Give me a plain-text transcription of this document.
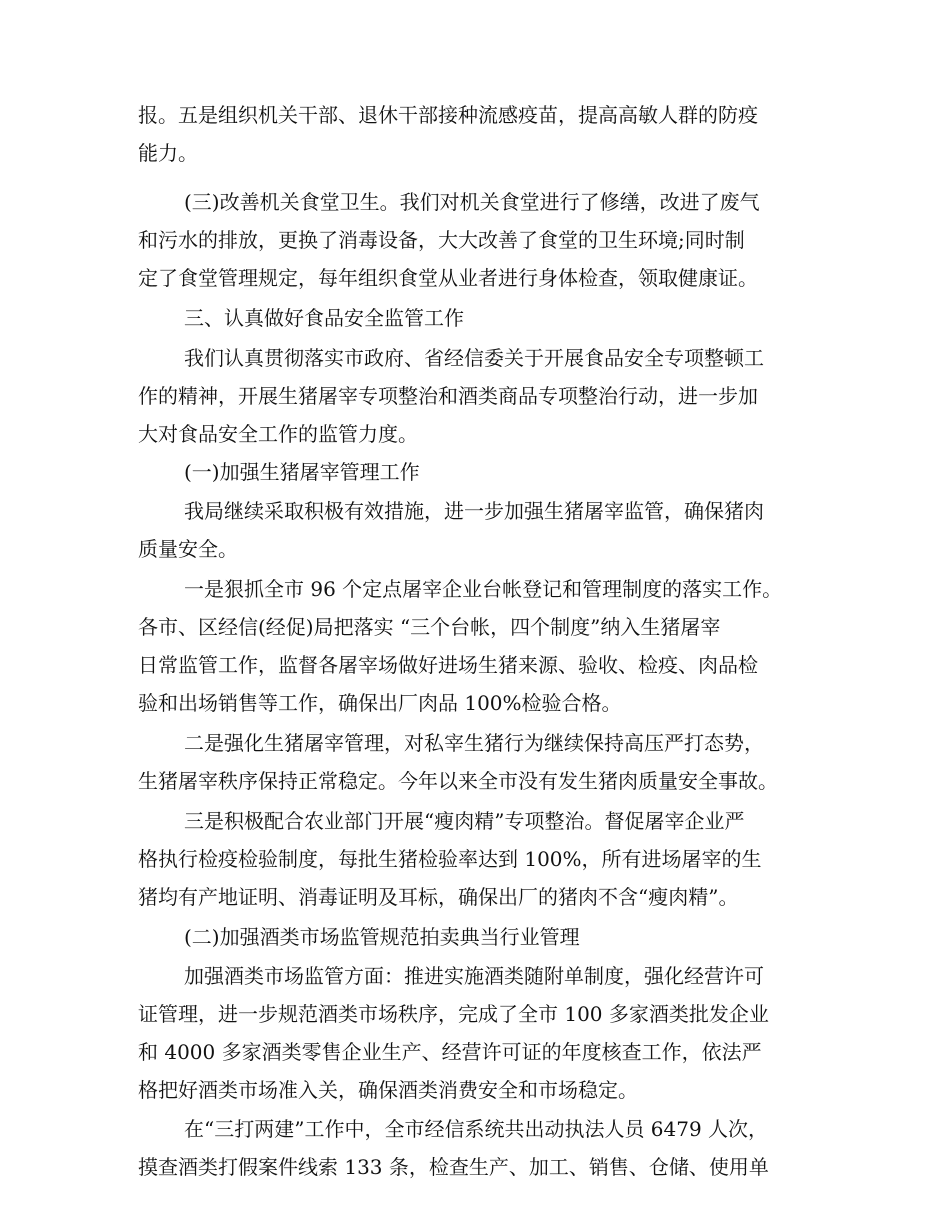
报。五是组织机关干部、退休干部接种流感疫苗，提高高敏人群的防疫
能力。
(三)改善机关食堂卫生。我们对机关食堂进行了修缮，改进了废气
和污水的排放，更换了消毒设备，大大改善了食堂的卫生环境;同时制
定了食堂管理规定，每年组织食堂从业者进行身体检查，领取健康证。
三、认真做好食品安全监管工作
我们认真贯彻落实市政府、省经信委关于开展食品安全专项整顿工
作的精神，开展生猪屠宰专项整治和酒类商品专项整治行动，进一步加
大对食品安全工作的监管力度。
(一)加强生猪屠宰管理工作
我局继续采取积极有效措施，进一步加强生猪屠宰监管，确保猪肉
质量安全。
一是狠抓全市 96 个定点屠宰企业台帐登记和管理制度的落实工作。
各市、区经信(经促)局把落实 “三个台帐，四个制度”纳入生猪屠宰
日常监管工作，监督各屠宰场做好进场生猪来源、验收、检疫、肉品检
验和出场销售等工作，确保出厂肉品 100%检验合格。
二是强化生猪屠宰管理，对私宰生猪行为继续保持高压严打态势，
生猪屠宰秩序保持正常稳定。今年以来全市没有发生猪肉质量安全事故。
三是积极配合农业部门开展“瘦肉精”专项整治。督促屠宰企业严
格执行检疫检验制度，每批生猪检验率达到 100%，所有进场屠宰的生
猪均有产地证明、消毒证明及耳标，确保出厂的猪肉不含“瘦肉精”。
(二)加强酒类市场监管规范拍卖典当行业管理
加强酒类市场监管方面：推进实施酒类随附单制度，强化经营许可
证管理，进一步规范酒类市场秩序，完成了全市 100 多家酒类批发企业
和 4000 多家酒类零售企业生产、经营许可证的年度核查工作，依法严
格把好酒类市场准入关，确保酒类消费安全和市场稳定。
在“三打两建”工作中，全市经信系统共出动执法人员 6479 人次，
摸查酒类打假案件线索 133 条，检查生产、加工、销售、仓储、使用单
